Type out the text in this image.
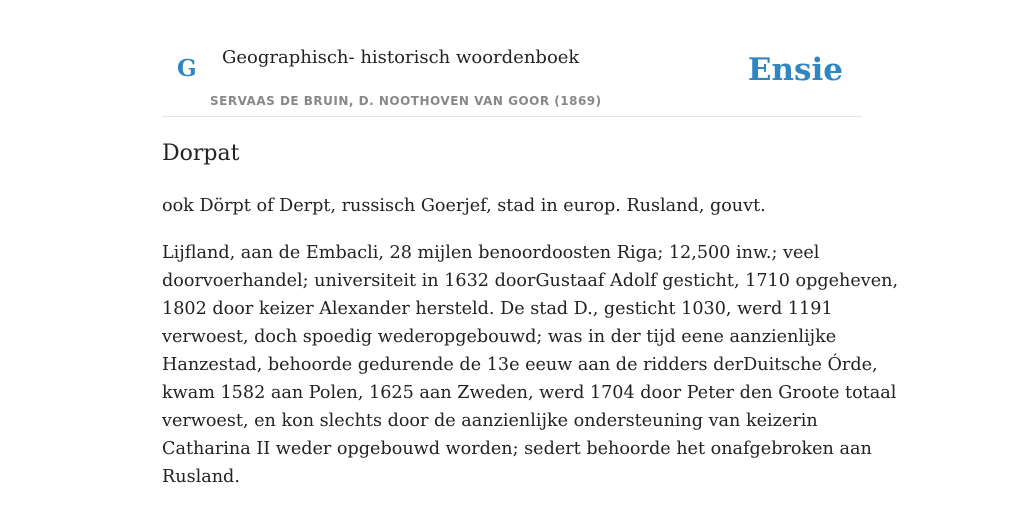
G Geographisch- historisch woordenboek
SERVAAS DE BRUIN, D. NOOTHOVEN VAN GOOR (1869)
Ensie
Dorpat

ook Dörpt of Derpt, russisch Goerjef, stad in europ. Rusland, gouvt.

Lijfland, aan de Embacli, 28 mijlen benoordoosten Riga; 12,500 inw.; veel
doorvoerhandel; universiteit in 1632 doorGustaaf Adolf gesticht, 1710 opgeheven,
1802 door keizer Alexander hersteld. De stad D., gesticht 1030, werd 1191
verwoest, doch spoedig wederopgebouwd; was in der tijd eene aanzienlijke
Hanzestad, behoorde gedurende de 13e eeuw aan de ridders derDuitsche Órde,
kwam 1582 aan Polen, 1625 aan Zweden, werd 1704 door Peter den Groote totaal
verwoest, en kon slechts door de aanzienlijke ondersteuning van keizerin
Catharina II weder opgebouwd worden; sedert behoorde het onafgebroken aan
Rusland.
